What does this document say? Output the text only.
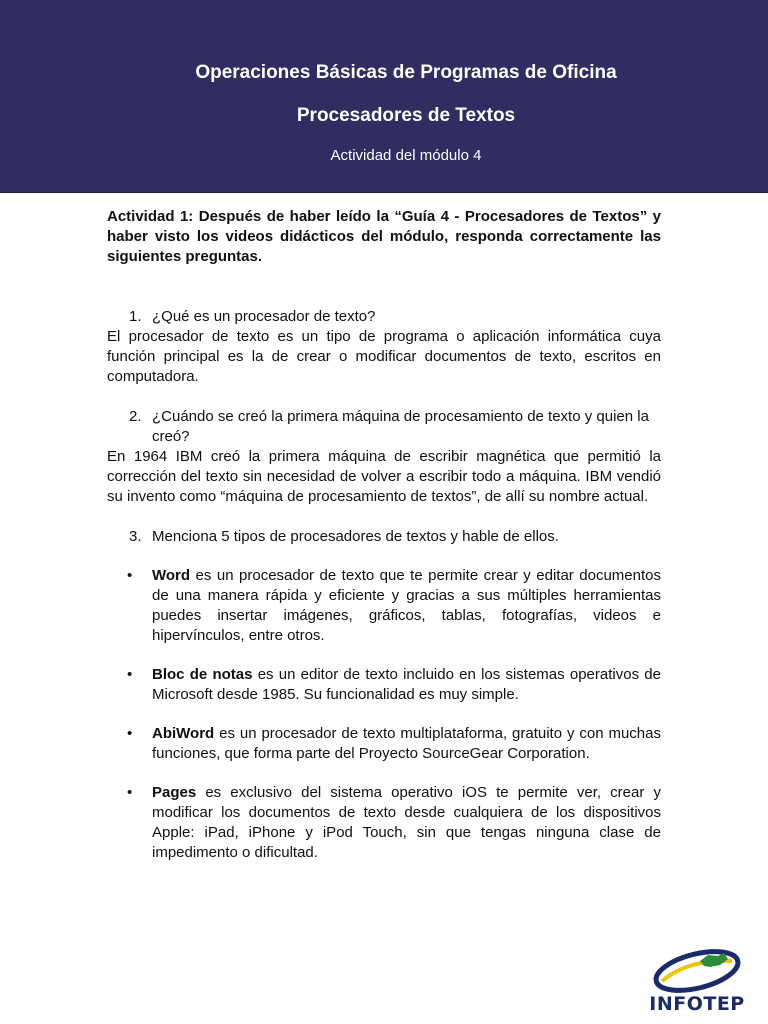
Operaciones Básicas de Programas de Oficina
Procesadores de Textos
Actividad del módulo 4

Actividad 1: Después de haber leído la “Guía 4 - Procesadores de Textos” y haber visto los videos didácticos del módulo, responda correctamente las siguientes preguntas.

1. ¿Qué es un procesador de texto?

El procesador de texto es un tipo de programa o aplicación informática cuya función principal es la de crear o modificar documentos de texto, escritos en computadora.

2. ¿Cuándo se creó la primera máquina de procesamiento de texto y quien la creó?

En 1964 IBM creó la primera máquina de escribir magnética que permitió la corrección del texto sin necesidad de volver a escribir todo a máquina. IBM vendió su invento como “máquina de procesamiento de textos”, de allí su nombre actual.

3. Menciona 5 tipos de procesadores de textos y hable de ellos.

• Word es un procesador de texto que te permite crear y editar documentos de una manera rápida y eficiente y gracias a sus múltiples herramientas puedes insertar imágenes, gráficos, tablas, fotografías, videos e hipervínculos, entre otros.

• Bloc de notas es un editor de texto incluido en los sistemas operativos de Microsoft desde 1985. Su funcionalidad es muy simple.

• AbiWord es un procesador de texto multiplataforma, gratuito y con muchas funciones, que forma parte del Proyecto SourceGear Corporation.

• Pages es exclusivo del sistema operativo iOS te permite ver, crear y modificar los documentos de texto desde cualquiera de los dispositivos Apple: iPad, iPhone y iPod Touch, sin que tengas ninguna clase de impedimento o dificultad.

INFOTEP
